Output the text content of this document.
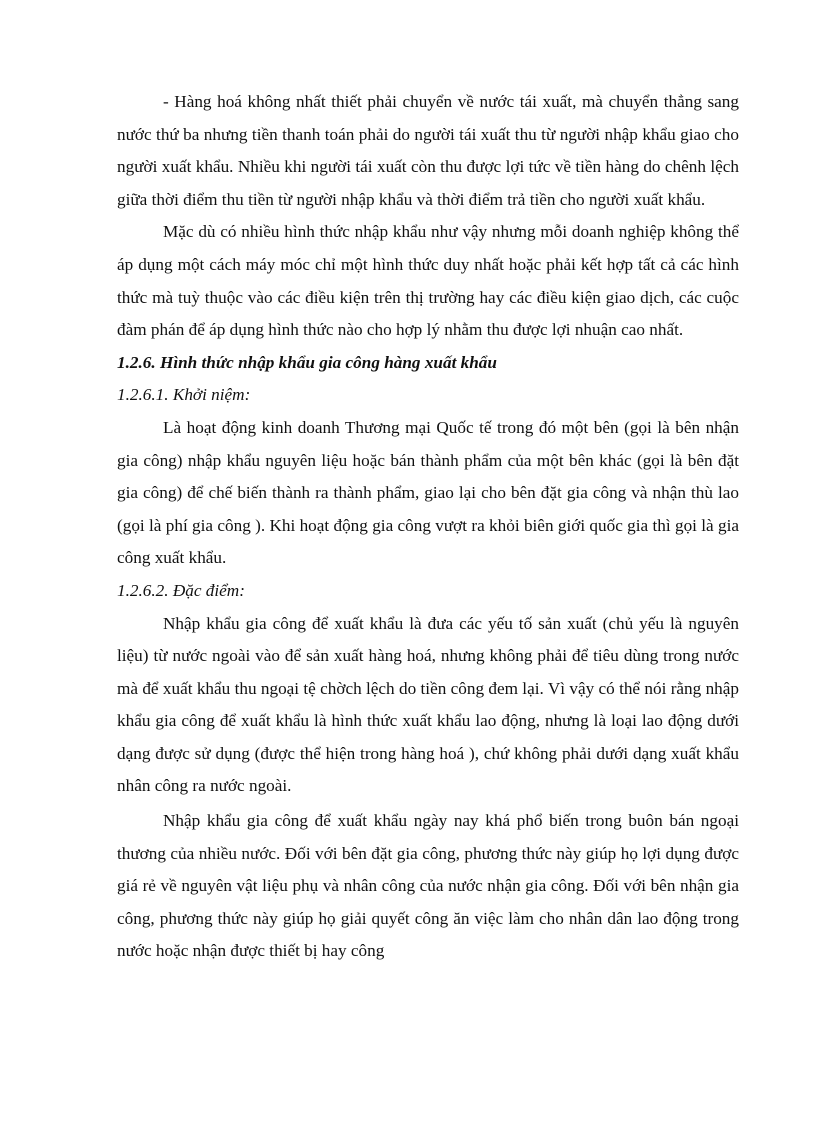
- Hàng hoá không nhất thiết phải chuyển về nước tái xuất, mà chuyển thẳng sang nước thứ ba nhưng tiền thanh toán phải do người tái xuất thu từ người nhập khẩu giao cho người xuất khẩu. Nhiều khi người tái xuất còn thu được lợi tức về tiền hàng do chênh lệch giữa thời điểm thu tiền từ người nhập khẩu và thời điểm trả tiền cho người xuất khẩu.

Mặc dù có nhiều hình thức nhập khẩu như vậy nhưng mỗi doanh nghiệp không thể áp dụng một cách máy móc chỉ một hình thức duy nhất hoặc phải kết hợp tất cả các hình thức mà tuỳ thuộc vào các điều kiện trên thị trường hay các điều kiện giao dịch, các cuộc đàm phán để áp dụng hình thức nào cho hợp lý nhằm thu được lợi nhuận cao nhất.

1.2.6. Hình thức nhập khẩu gia công hàng xuất khẩu

1.2.6.1. Khởi niệm:

Là hoạt động kinh doanh Thương mại Quốc tế trong đó một bên (gọi là bên nhận gia công) nhập khẩu nguyên liệu hoặc bán thành phẩm của một bên khác (gọi là bên đặt gia công) để chế biến thành ra thành phẩm, giao lại cho bên đặt gia công và nhận thù lao (gọi là phí gia công ). Khi hoạt động gia công vượt ra khỏi biên giới quốc gia thì gọi là gia công xuất khẩu.

1.2.6.2. Đặc điểm:

Nhập khẩu gia công để xuất khẩu là đưa các yếu tố sản xuất (chủ yếu là nguyên liệu) từ nước ngoài vào để sản xuất hàng hoá, nhưng không phải để tiêu dùng trong nước mà để xuất khẩu thu ngoại tệ chờch lệch do tiền công đem lại. Vì vậy có thể nói rằng nhập khẩu gia công để xuất khẩu là hình thức xuất khẩu lao động, nhưng là loại lao động dưới dạng được sử dụng (được thể hiện trong hàng hoá ), chứ không phải dưới dạng xuất khẩu nhân công ra nước ngoài.

Nhập khẩu gia công để xuất khẩu ngày nay khá phổ biến trong buôn bán ngoại thương của nhiều nước. Đối với bên đặt gia công, phương thức này giúp họ lợi dụng được giá rẻ về nguyên vật liệu phụ và nhân công của nước nhận gia công. Đối với bên nhận gia công, phương thức này giúp họ giải quyết công ăn việc làm cho nhân dân lao động trong nước hoặc nhận được thiết bị hay công
